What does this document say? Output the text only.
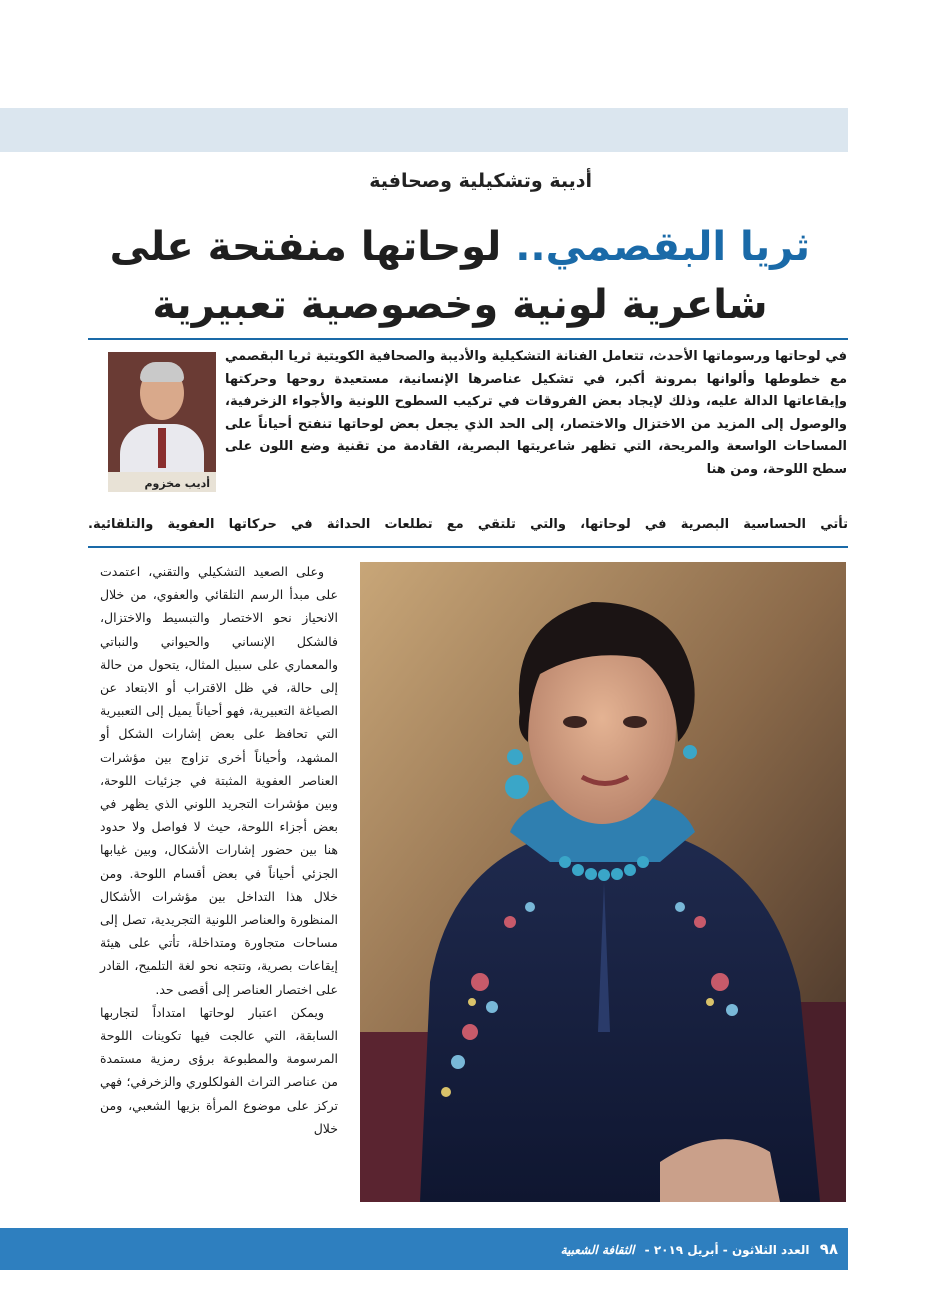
أديبة وتشكيلية وصحافية
ثريا البقصمي.. لوحاتها منفتحة على
شاعرية لونية وخصوصية تعبيرية
أديب مخزوم
في لوحاتها ورسوماتها الأحدث، تتعامل الفنانة التشكيلية والأديبة والصحافية الكويتية ثريا البقصمي مع خطوطها وألوانها بمرونة أكبر، في تشكيل عناصرها الإنسانية، مستعيدة روحها وحركتها وإيقاعاتها الدالة عليه، وذلك لإيجاد بعض الفروقات في تركيب السطوح اللونية والأجواء الزخرفية، والوصول إلى المزيد من الاختزال والاختصار، إلى الحد الذي يجعل بعض لوحاتها تنفتح أحياناً على المساحات الواسعة والمريحة، التي تظهر شاعريتها البصرية، القادمة من تقنية وضع اللون على سطح اللوحة، ومن هنا
تأتي الحساسية البصرية في لوحاتها، والتي تلتقي مع تطلعات الحداثة في حركاتها العفوية والتلقائية.

وعلى الصعيد التشكيلي والتقني، اعتمدت على مبدأ الرسم التلقائي والعفوي، من خلال الانحياز نحو الاختصار والتبسيط والاختزال، فالشكل الإنساني والحيواني والنباتي والمعماري على سبيل المثال، يتحول من حالة إلى حالة، في ظل الاقتراب أو الابتعاد عن الصياغة التعبيرية، فهو أحياناً يميل إلى التعبيرية التي تحافظ على بعض إشارات الشكل أو المشهد، وأحياناً أخرى تزاوج بين مؤشرات العناصر العفوية المثبتة في جزئيات اللوحة، وبين مؤشرات التجريد اللوني الذي يظهر في بعض أجزاء اللوحة، حيث لا فواصل ولا حدود هنا بين حضور إشارات الأشكال، وبين غيابها الجزئي أحياناً في بعض أقسام اللوحة. ومن خلال هذا التداخل بين مؤشرات الأشكال المنظورة والعناصر اللونية التجريدية، تصل إلى مساحات متجاورة ومتداخلة، تأتي على هيئة إيقاعات بصرية، وتتجه نحو لغة التلميح، القادر على اختصار العناصر إلى أقصى حد.

ويمكن اعتبار لوحاتها امتداداً لتجاربها السابقة، التي عالجت فيها تكوينات اللوحة المرسومة والمطبوعة برؤى رمزية مستمدة من عناصر التراث الفولكلوري والزخرفي؛ فهي تركز على موضوع المرأة بزيها الشعبي، ومن خلال

٩٨ العدد الثلاثون - أبريل ٢٠١٩ - الثقافة الشعبية
